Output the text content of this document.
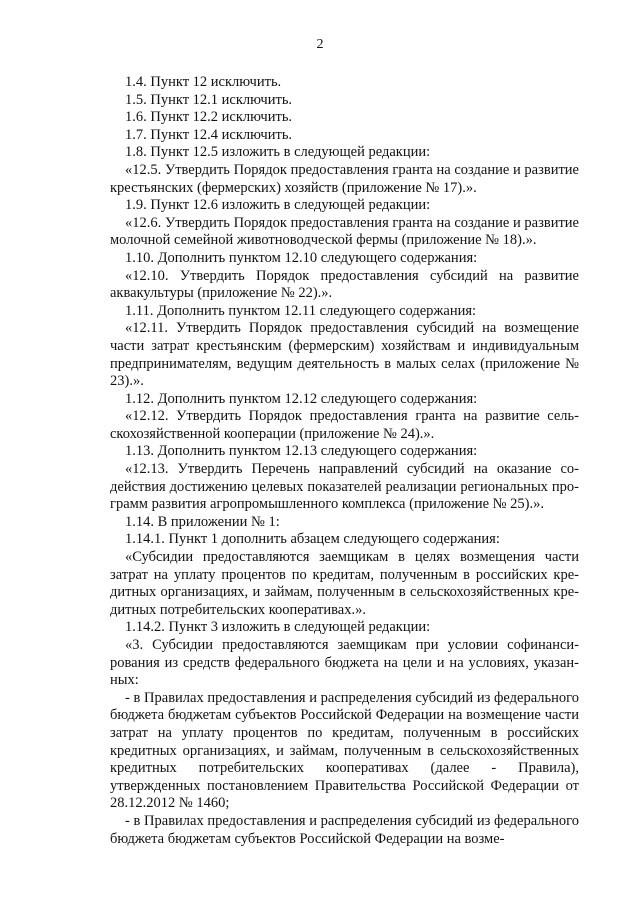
2

1.4. Пункт 12 исключить.

1.5. Пункт 12.1 исключить.

1.6. Пункт 12.2 исключить.

1.7. Пункт 12.4 исключить.

1.8. Пункт 12.5 изложить в следующей редакции:

«12.5. Утвердить Порядок предоставления гранта на создание и развитие крестьянских (фермерских) хозяйств (приложение № 17).».

1.9. Пункт 12.6 изложить в следующей редакции:

«12.6. Утвердить Порядок предоставления гранта на создание и развитие молочной семейной животноводческой фермы (приложение № 18).».

1.10. Дополнить пунктом 12.10 следующего содержания:

«12.10. Утвердить Порядок предоставления субсидий на развитие аквакультуры (приложение № 22).».

1.11. Дополнить пунктом 12.11 следующего содержания:

«12.11. Утвердить Порядок предоставления субсидий на возмещение части затрат крестьянским (фермерским) хозяйствам и индивидуальным предпринимателям, ведущим деятельность в малых селах (приложение № 23).».

1.12. Дополнить пунктом 12.12 следующего содержания:

«12.12. Утвердить Порядок предоставления гранта на развитие сельскохозяйственной кооперации (приложение № 24).».

1.13. Дополнить пунктом 12.13 следующего содержания:

«12.13. Утвердить Перечень направлений субсидий на оказание содействия достижению целевых показателей реализации региональных программ развития агропромышленного комплекса (приложение № 25).».

1.14. В приложении № 1:

1.14.1. Пункт 1 дополнить абзацем следующего содержания:

«Субсидии предоставляются заемщикам в целях возмещения части затрат на уплату процентов по кредитам, полученным в российских кредитных организациях, и займам, полученным в сельскохозяйственных кредитных потребительских кооперативах.».

1.14.2. Пункт 3 изложить в следующей редакции:

«3. Субсидии предоставляются заемщикам при условии софинансирования из средств федерального бюджета на цели и на условиях, указанных:

- в Правилах предоставления и распределения субсидий из федерального бюджета бюджетам субъектов Российской Федерации на возмещение части затрат на уплату процентов по кредитам, полученным в российских кредитных организациях, и займам, полученным в сельскохозяйственных кредитных потребительских кооперативах (далее - Правила), утвержденных постановлением Правительства Российской Федерации от 28.12.2012 № 1460;

- в Правилах предоставления и распределения субсидий из федерального бюджета бюджетам субъектов Российской Федерации на возме-
